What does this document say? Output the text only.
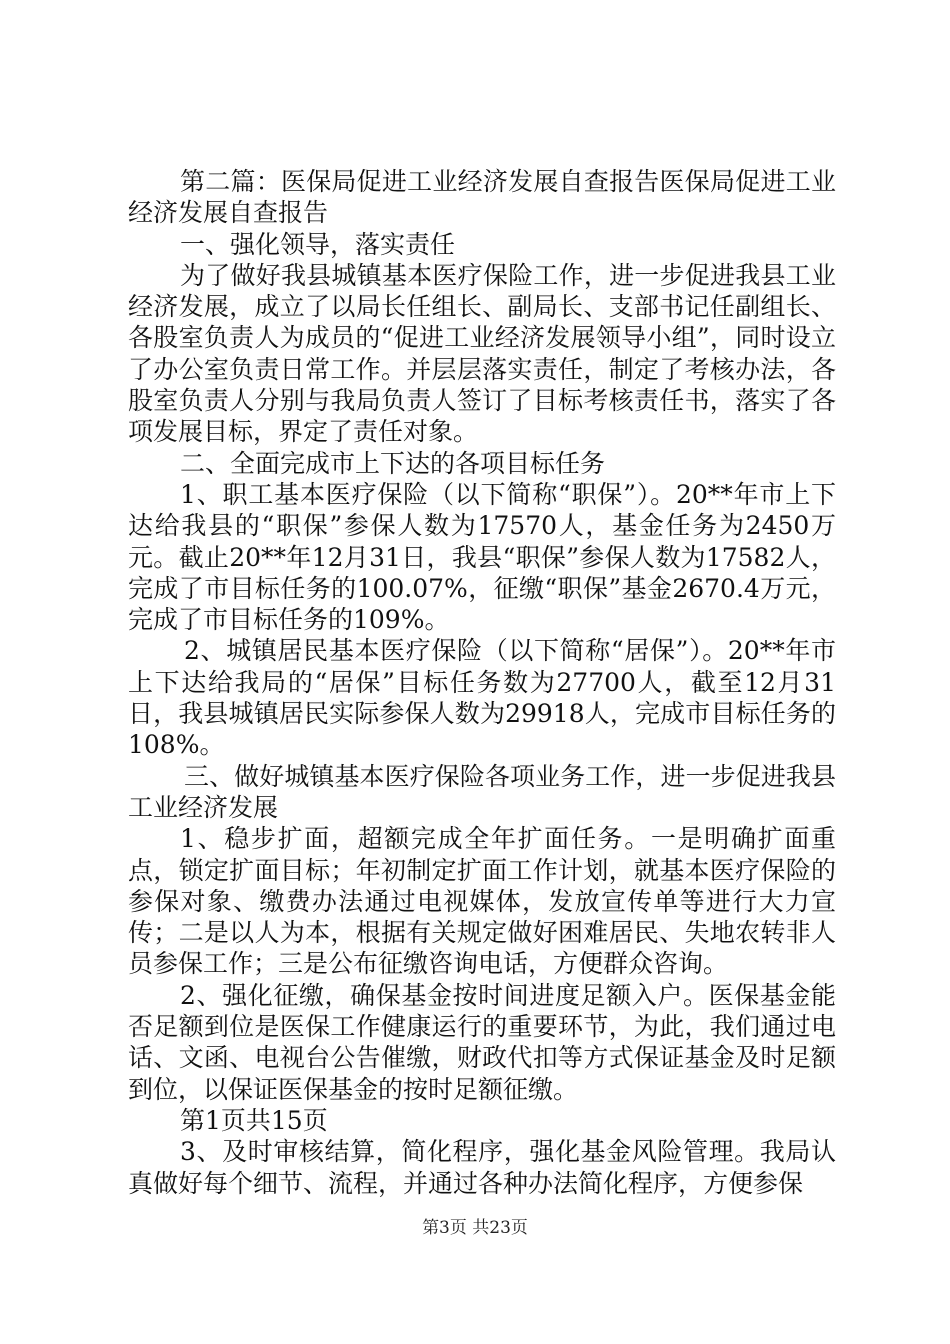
第二篇：医保局促进工业经济发展自查报告医保局促进工业经济发展自查报告

一、强化领导，落实责任

为了做好我县城镇基本医疗保险工作，进一步促进我县工业经济发展，成立了以局长任组长、副局长、支部书记任副组长、各股室负责人为成员的“促进工业经济发展领导小组”，同时设立了办公室负责日常工作。并层层落实责任，制定了考核办法，各股室负责人分别与我局负责人签订了目标考核责任书，落实了各项发展目标，界定了责任对象。

二、全面完成市上下达的各项目标任务

1、职工基本医疗保险（以下简称“职保”）。20**年市上下达给我县的“职保”参保人数为17570人，基金任务为2450万元。截止20**年12月31日，我县“职保”参保人数为17582人，完成了市目标任务的100.07%，征缴“职保”基金2670.4万元，完成了市目标任务的109%。

2、城镇居民基本医疗保险（以下简称“居保”）。20**年市上下达给我局的“居保”目标任务数为27700人，截至12月31日，我县城镇居民实际参保人数为29918人，完成市目标任务的108%。

三、做好城镇基本医疗保险各项业务工作，进一步促进我县工业经济发展

1、稳步扩面，超额完成全年扩面任务。一是明确扩面重点，锁定扩面目标；年初制定扩面工作计划，就基本医疗保险的参保对象、缴费办法通过电视媒体，发放宣传单等进行大力宣传；二是以人为本，根据有关规定做好困难居民、失地农转非人员参保工作；三是公布征缴咨询电话，方便群众咨询。

2、强化征缴，确保基金按时间进度足额入户。医保基金能否足额到位是医保工作健康运行的重要环节，为此，我们通过电话、文函、电视台公告催缴，财政代扣等方式保证基金及时足额到位，以保证医保基金的按时足额征缴。

第1页共15页

3、及时审核结算，简化程序，强化基金风险管理。我局认真做好每个细节、流程，并通过各种办法简化程序，方便参保

第3页 共23页
